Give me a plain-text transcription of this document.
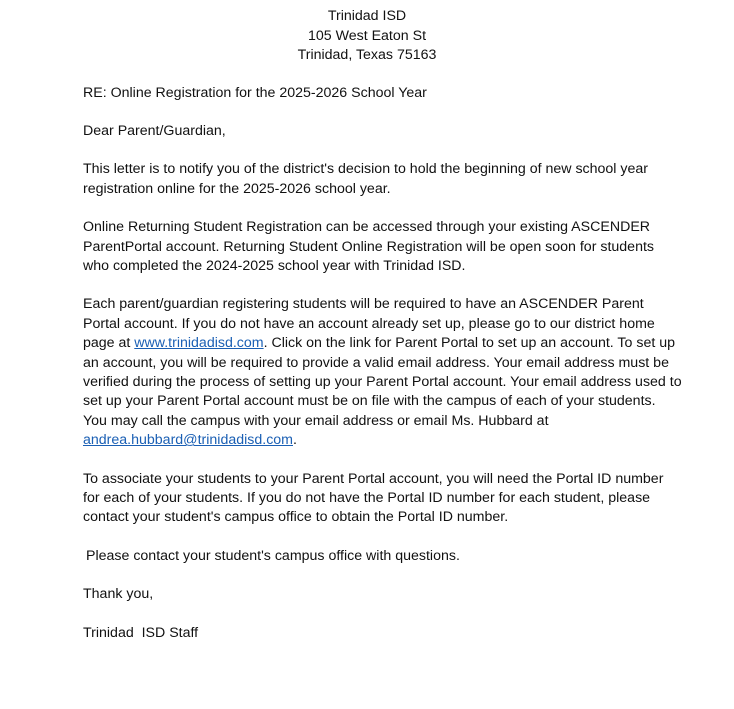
Trinidad ISD
105 West Eaton St
Trinidad, Texas 75163

RE: Online Registration for the 2025-2026 School Year

Dear Parent/Guardian,

This letter is to notify you of the district's decision to hold the beginning of new school year registration online for the 2025-2026 school year.

Online Returning Student Registration can be accessed through your existing ASCENDER ParentPortal account. Returning Student Online Registration will be open soon for students who completed the 2024-2025 school year with Trinidad ISD.

Each parent/guardian registering students will be required to have an ASCENDER Parent Portal account. If you do not have an account already set up, please go to our district home page at www.trinidadisd.com. Click on the link for Parent Portal to set up an account. To set up an account, you will be required to provide a valid email address. Your email address must be verified during the process of setting up your Parent Portal account. Your email address used to set up your Parent Portal account must be on file with the campus of each of your students. You may call the campus with your email address or email Ms. Hubbard at andrea.hubbard@trinidadisd.com.

To associate your students to your Parent Portal account, you will need the Portal ID number for each of your students. If you do not have the Portal ID number for each student, please contact your student's campus office to obtain the Portal ID number.

Please contact your student's campus office with questions.

Thank you,

Trinidad  ISD Staff
